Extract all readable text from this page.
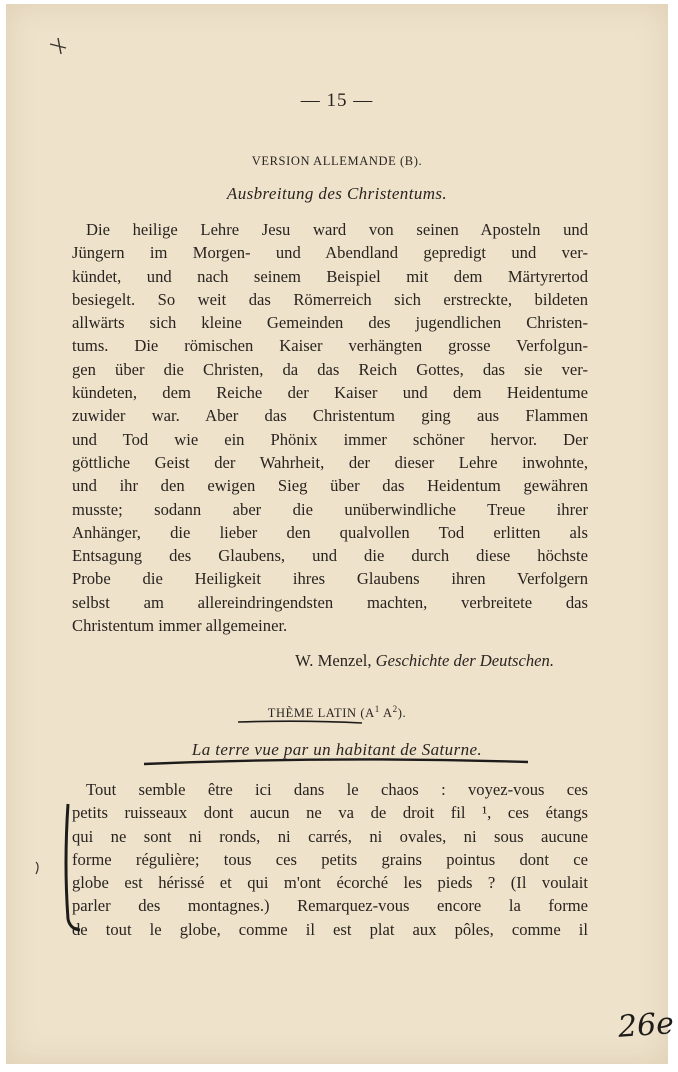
— 15 —
VERSION ALLEMANDE (B).
Ausbreitung des Christentums.
Die heilige Lehre Jesu ward von seinen Aposteln und
Jüngern im Morgen- und Abendland gepredigt und ver-
kündet, und nach seinem Beispiel mit dem Märtyrertod
besiegelt. So weit das Römerreich sich erstreckte, bildeten
allwärts sich kleine Gemeinden des jugendlichen Christen-
tums. Die römischen Kaiser verhängten grosse Verfolgun-
gen über die Christen, da das Reich Gottes, das sie ver-
kündeten, dem Reiche der Kaiser und dem Heidentume
zuwider war. Aber das Christentum ging aus Flammen
und Tod wie ein Phönix immer schöner hervor. Der
göttliche Geist der Wahrheit, der dieser Lehre inwohnte,
und ihr den ewigen Sieg über das Heidentum gewähren
musste; sodann aber die unüberwindliche Treue ihrer
Anhänger, die lieber den qualvollen Tod erlitten als
Entsagung des Glaubens, und die durch diese höchste
Probe die Heiligkeit ihres Glaubens ihren Verfolgern
selbst am allereindringendsten machten, verbreitete das
Christentum immer allgemeiner.
W. Menzel, Geschichte der Deutschen.
THÈME LATIN ($A^1$ $A^2$).
La terre vue par un habitant de Saturne.
Tout semble être ici dans le chaos : voyez-vous ces
petits ruisseaux dont aucun ne va de droit fil ¹, ces étangs
qui ne sont ni ronds, ni carrés, ni ovales, ni sous aucune
forme régulière; tous ces petits grains pointus dont ce
globe est hérissé et qui m'ont écorché les pieds ? (Il voulait
parler des montagnes.) Remarquez-vous encore la forme
de tout le globe, comme il est plat aux pôles, comme il
26e
